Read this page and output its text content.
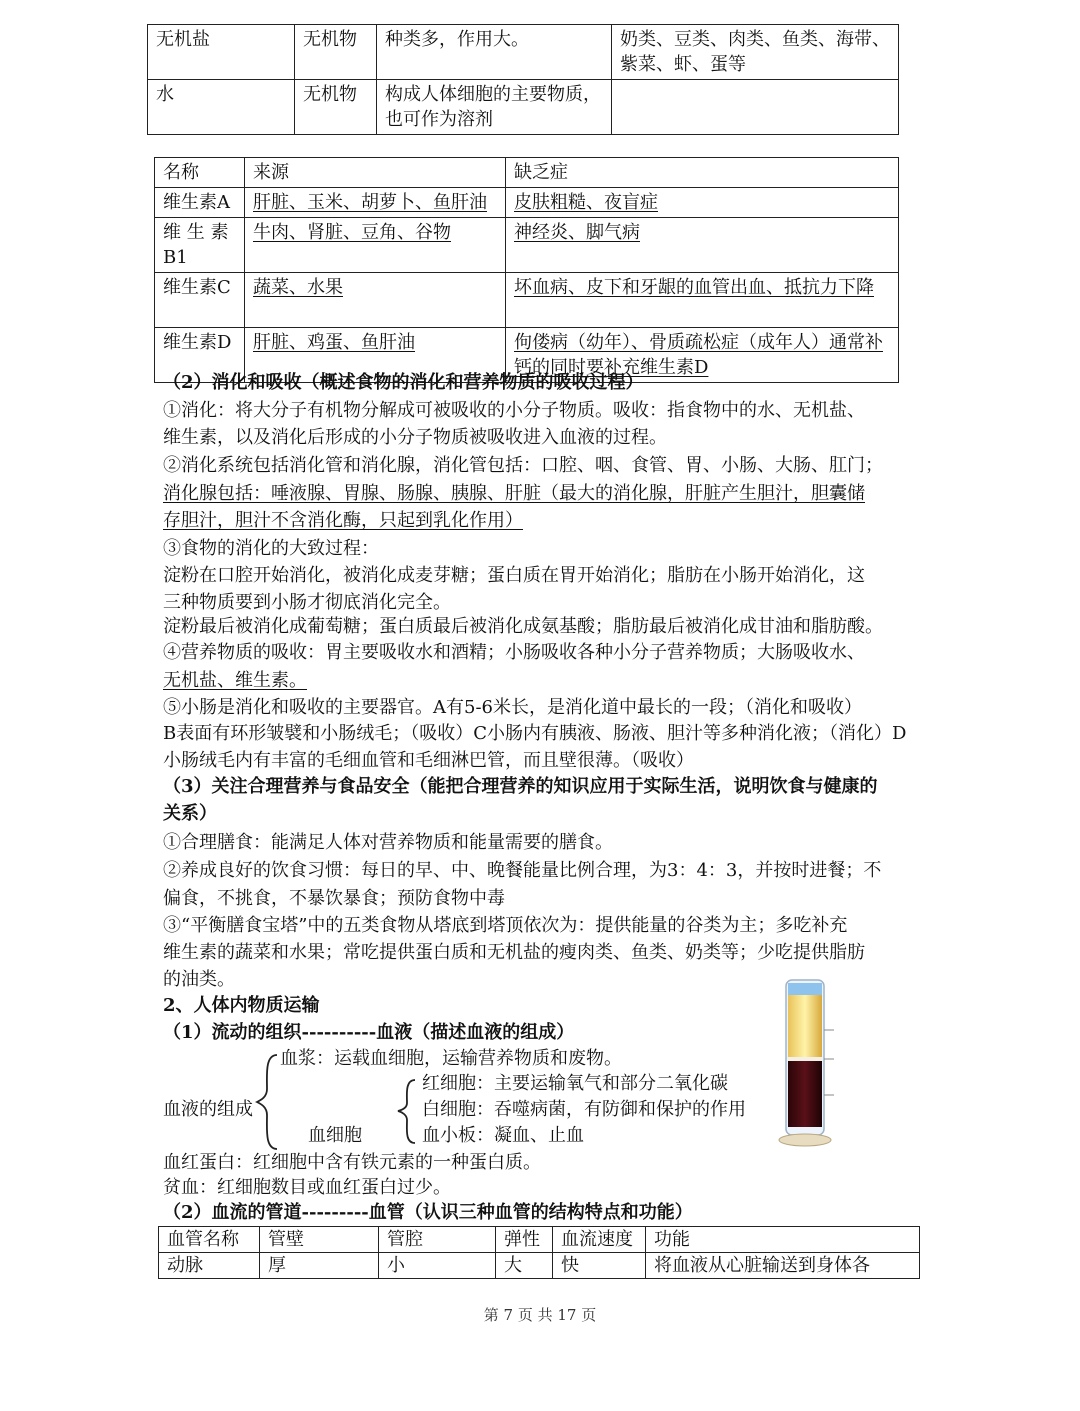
无机盐	无机物	种类多，作用大。	奶类、豆类、肉类、鱼类、海带、紫菜、虾、蛋等
水	无机物	构成人体细胞的主要物质，也可作为溶剂	
名称	来源	缺乏症
维生素A	肝脏、玉米、胡萝卜、鱼肝油	皮肤粗糙、夜盲症
维 生 素 B1	牛肉、肾脏、豆角、谷物	神经炎、脚气病
维生素C	蔬菜、水果	坏血病、皮下和牙龈的血管出血、抵抗力下降
维生素D	肝脏、鸡蛋、鱼肝油	佝偻病（幼年）、骨质疏松症（成年人）通常补钙的同时要补充维生素D
（2）消化和吸收（概述食物的消化和营养物质的吸收过程）
①消化：将大分子有机物分解成可被吸收的小分子物质。吸收：指食物中的水、无机盐、
维生素，以及消化后形成的小分子物质被吸收进入血液的过程。
②消化系统包括消化管和消化腺，消化管包括：口腔、咽、食管、胃、小肠、大肠、肛门；
消化腺包括：唾液腺、胃腺、肠腺、胰腺、肝脏（最大的消化腺，肝脏产生胆汁，胆囊储
存胆汁，胆汁不含消化酶，只起到乳化作用）
③食物的消化的大致过程：
淀粉在口腔开始消化，被消化成麦芽糖；蛋白质在胃开始消化；脂肪在小肠开始消化，这
三种物质要到小肠才彻底消化完全。
淀粉最后被消化成葡萄糖；蛋白质最后被消化成氨基酸；脂肪最后被消化成甘油和脂肪酸。
④营养物质的吸收：胃主要吸收水和酒精；小肠吸收各种小分子营养物质；大肠吸收水、
无机盐、维生素。
⑤小肠是消化和吸收的主要器官。A有5-6米长，是消化道中最长的一段；（消化和吸收）
B表面有环形皱襞和小肠绒毛；（吸收）C小肠内有胰液、肠液、胆汁等多种消化液；（消化）D
小肠绒毛内有丰富的毛细血管和毛细淋巴管，而且壁很薄。（吸收）
（3）关注合理营养与食品安全（能把合理营养的知识应用于实际生活，说明饮食与健康的
关系）
①合理膳食：能满足人体对营养物质和能量需要的膳食。
②养成良好的饮食习惯：每日的早、中、晚餐能量比例合理，为3：4：3，并按时进餐；不
偏食，不挑食，不暴饮暴食；预防食物中毒
③“平衡膳食宝塔”中的五类食物从塔底到塔顶依次为：提供能量的谷类为主；多吃补充
维生素的蔬菜和水果；常吃提供蛋白质和无机盐的瘦肉类、鱼类、奶类等；少吃提供脂肪
的油类。
2、人体内物质运输
（1）流动的组织----------血液（描述血液的组成）
血浆：运载血细胞，运输营养物质和废物。
血液的组成
血细胞
红细胞：主要运输氧气和部分二氧化碳
白细胞：吞噬病菌，有防御和保护的作用
血小板：凝血、止血
血红蛋白：红细胞中含有铁元素的一种蛋白质。
贫血：红细胞数目或血红蛋白过少。
（2）血流的管道---------血管（认识三种血管的结构特点和功能）
血管名称	管壁	管腔	弹性	血流速度	功能
动脉	厚	小	大	快	将血液从心脏输送到身体各
第 7 页 共 17 页
